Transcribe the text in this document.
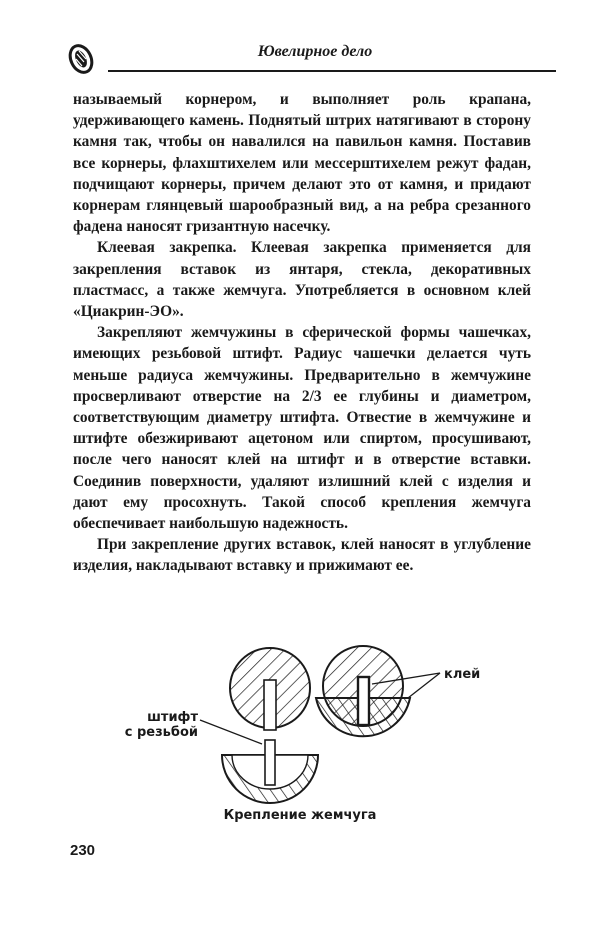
Ювелирное дело

называемый корнером, и выполняет роль крапана, удерживающего камень. Поднятый штрих натягивают в сторону камня так, чтобы он навалился на павильон камня. Поставив все корнеры, флахштихелем или мессерштихелем режут фадан, подчищают корнеры, причем делают это от камня, и придают корнерам глянцевый шарообразный вид, а на ребра срезанного фадена наносят гризантную насечку.

Клеевая закрепка. Клеевая закрепка применяется для закрепления вставок из янтаря, стекла, декоративных пластмасс, а также жемчуга. Употребляется в основном клей «Циакрин-ЭО».

Закрепляют жемчужины в сферической формы чашечках, имеющих резьбовой штифт. Радиус чашечки делается чуть меньше радиуса жемчужины. Предварительно в жемчужине просверливают отверстие на 2/3 ее глубины и диаметром, соответствующим диаметру штифта. Отвестие в жемчужине и штифте обезжиривают ацетоном или спиртом, просушивают, после чего наносят клей на штифт и в отверстие вставки. Соединив поверхности, удаляют излишний клей с изделия и дают ему просохнуть. Такой способ крепления жемчуга обеспечивает наибольшую надежность.

При закрепление других вставок, клей наносят в углубление изделия, накладывают вставку и прижимают ее.

штифт
с резьбой
клей
Крепление жемчуга
230
